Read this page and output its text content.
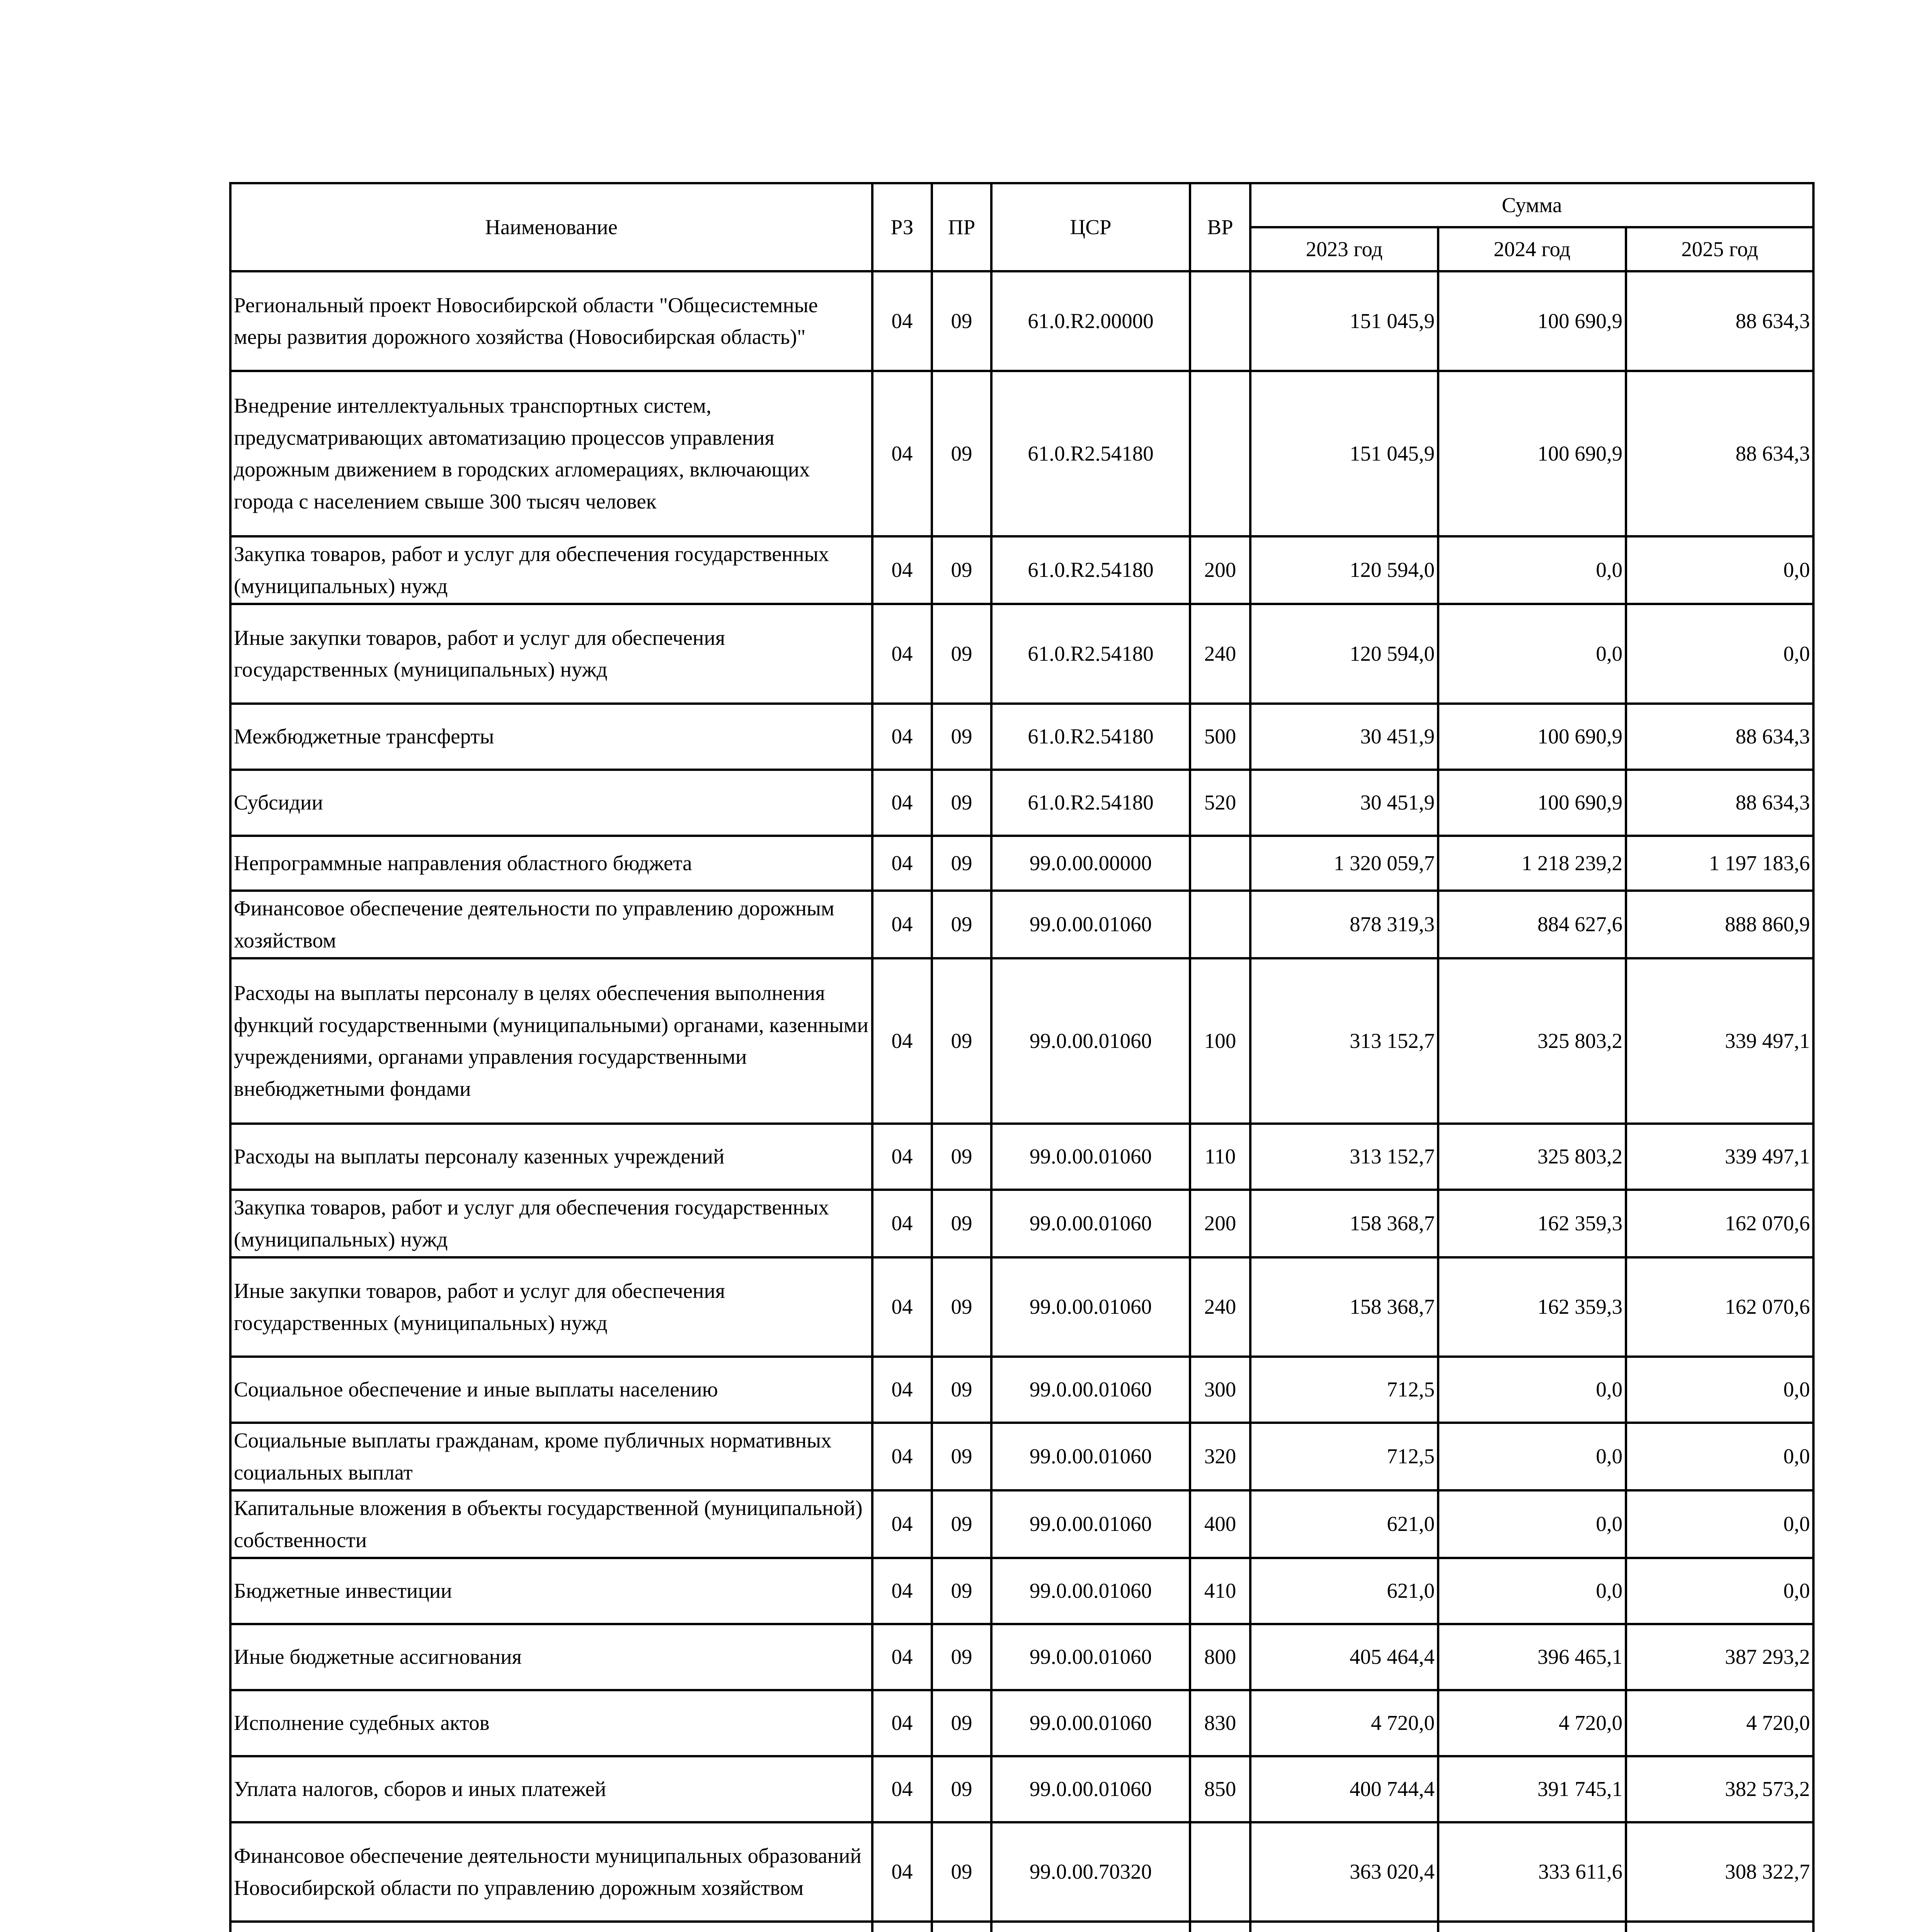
Наименование	РЗ	ПР	ЦСР	ВР	Сумма		
					2023 год	2024 год	2025 год
Региональный проект Новосибирской области "Общесистемные меры развития дорожного хозяйства (Новосибирская область)"	04	09	61.0.R2.00000		151 045,9	100 690,9	88 634,3
Внедрение интеллектуальных транспортных систем, предусматривающих автоматизацию процессов управления дорожным движением в городских агломерациях, включающих города с населением свыше 300 тысяч человек	04	09	61.0.R2.54180		151 045,9	100 690,9	88 634,3
Закупка товаров, работ и услуг для обеспечения государственных (муниципальных) нужд	04	09	61.0.R2.54180	200	120 594,0	0,0	0,0
Иные закупки товаров, работ и услуг для обеспечения государственных (муниципальных) нужд	04	09	61.0.R2.54180	240	120 594,0	0,0	0,0
Межбюджетные трансферты	04	09	61.0.R2.54180	500	30 451,9	100 690,9	88 634,3
Субсидии	04	09	61.0.R2.54180	520	30 451,9	100 690,9	88 634,3
Непрограммные направления областного бюджета	04	09	99.0.00.00000		1 320 059,7	1 218 239,2	1 197 183,6
Финансовое обеспечение деятельности по управлению дорожным хозяйством	04	09	99.0.00.01060		878 319,3	884 627,6	888 860,9
Расходы на выплаты персоналу в целях обеспечения выполнения функций государственными (муниципальными) органами, казенными учреждениями, органами управления государственными внебюджетными фондами	04	09	99.0.00.01060	100	313 152,7	325 803,2	339 497,1
Расходы на выплаты персоналу казенных учреждений	04	09	99.0.00.01060	110	313 152,7	325 803,2	339 497,1
Закупка товаров, работ и услуг для обеспечения государственных (муниципальных) нужд	04	09	99.0.00.01060	200	158 368,7	162 359,3	162 070,6
Иные закупки товаров, работ и услуг для обеспечения государственных (муниципальных) нужд	04	09	99.0.00.01060	240	158 368,7	162 359,3	162 070,6
Социальное обеспечение и иные выплаты населению	04	09	99.0.00.01060	300	712,5	0,0	0,0
Социальные выплаты гражданам, кроме публичных нормативных социальных выплат	04	09	99.0.00.01060	320	712,5	0,0	0,0
Капитальные вложения в объекты государственной (муниципальной) собственности	04	09	99.0.00.01060	400	621,0	0,0	0,0
Бюджетные инвестиции	04	09	99.0.00.01060	410	621,0	0,0	0,0
Иные бюджетные ассигнования	04	09	99.0.00.01060	800	405 464,4	396 465,1	387 293,2
Исполнение судебных актов	04	09	99.0.00.01060	830	4 720,0	4 720,0	4 720,0
Уплата налогов, сборов и иных платежей	04	09	99.0.00.01060	850	400 744,4	391 745,1	382 573,2
Финансовое обеспечение деятельности муниципальных образований Новосибирской области по управлению дорожным хозяйством	04	09	99.0.00.70320		363 020,4	333 611,6	308 322,7
